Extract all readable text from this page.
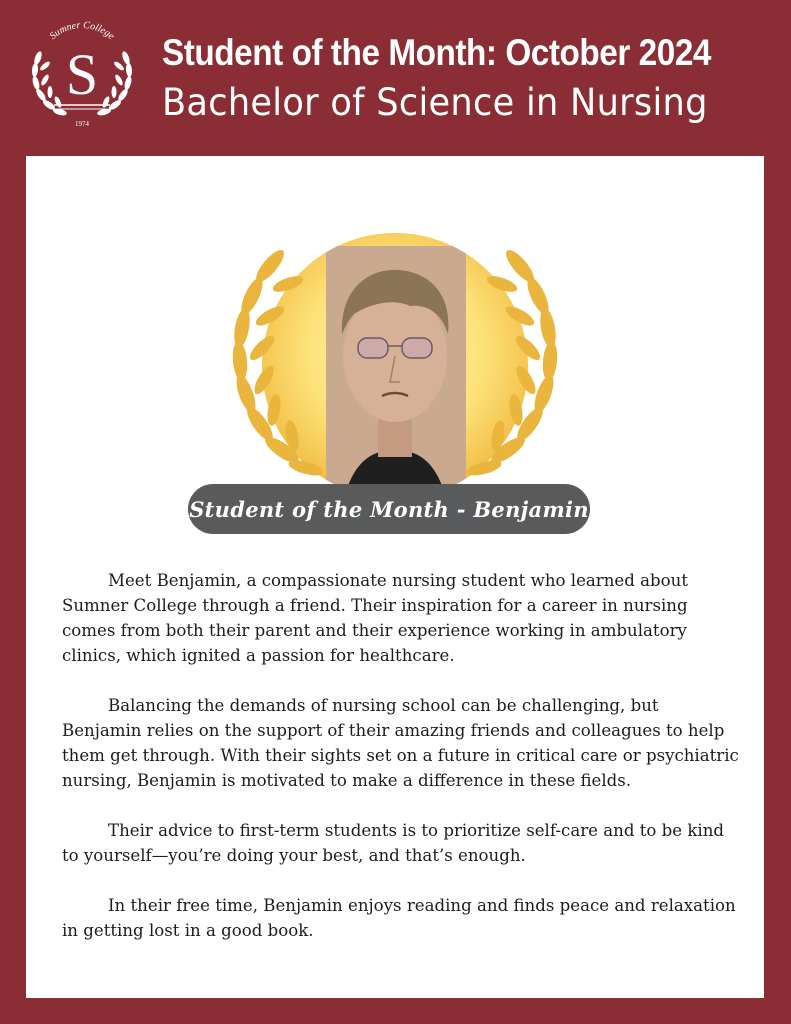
Sumner College
S
1974
Student of the Month: October 2024
Bachelor of Science in Nursing
Student of the Month - Benjamin

Meet Benjamin, a compassionate nursing student who learned about Sumner College through a friend. Their inspiration for a career in nursing comes from both their parent and their experience working in ambulatory clinics, which ignited a passion for healthcare.

Balancing the demands of nursing school can be challenging, but Benjamin relies on the support of their amazing friends and colleagues to help them get through. With their sights set on a future in critical care or psychiatric nursing, Benjamin is motivated to make a difference in these fields.

Their advice to first-term students is to prioritize self-care and to be kind to yourself—you’re doing your best, and that’s enough.

In their free time, Benjamin enjoys reading and finds peace and relaxation in getting lost in a good book.
